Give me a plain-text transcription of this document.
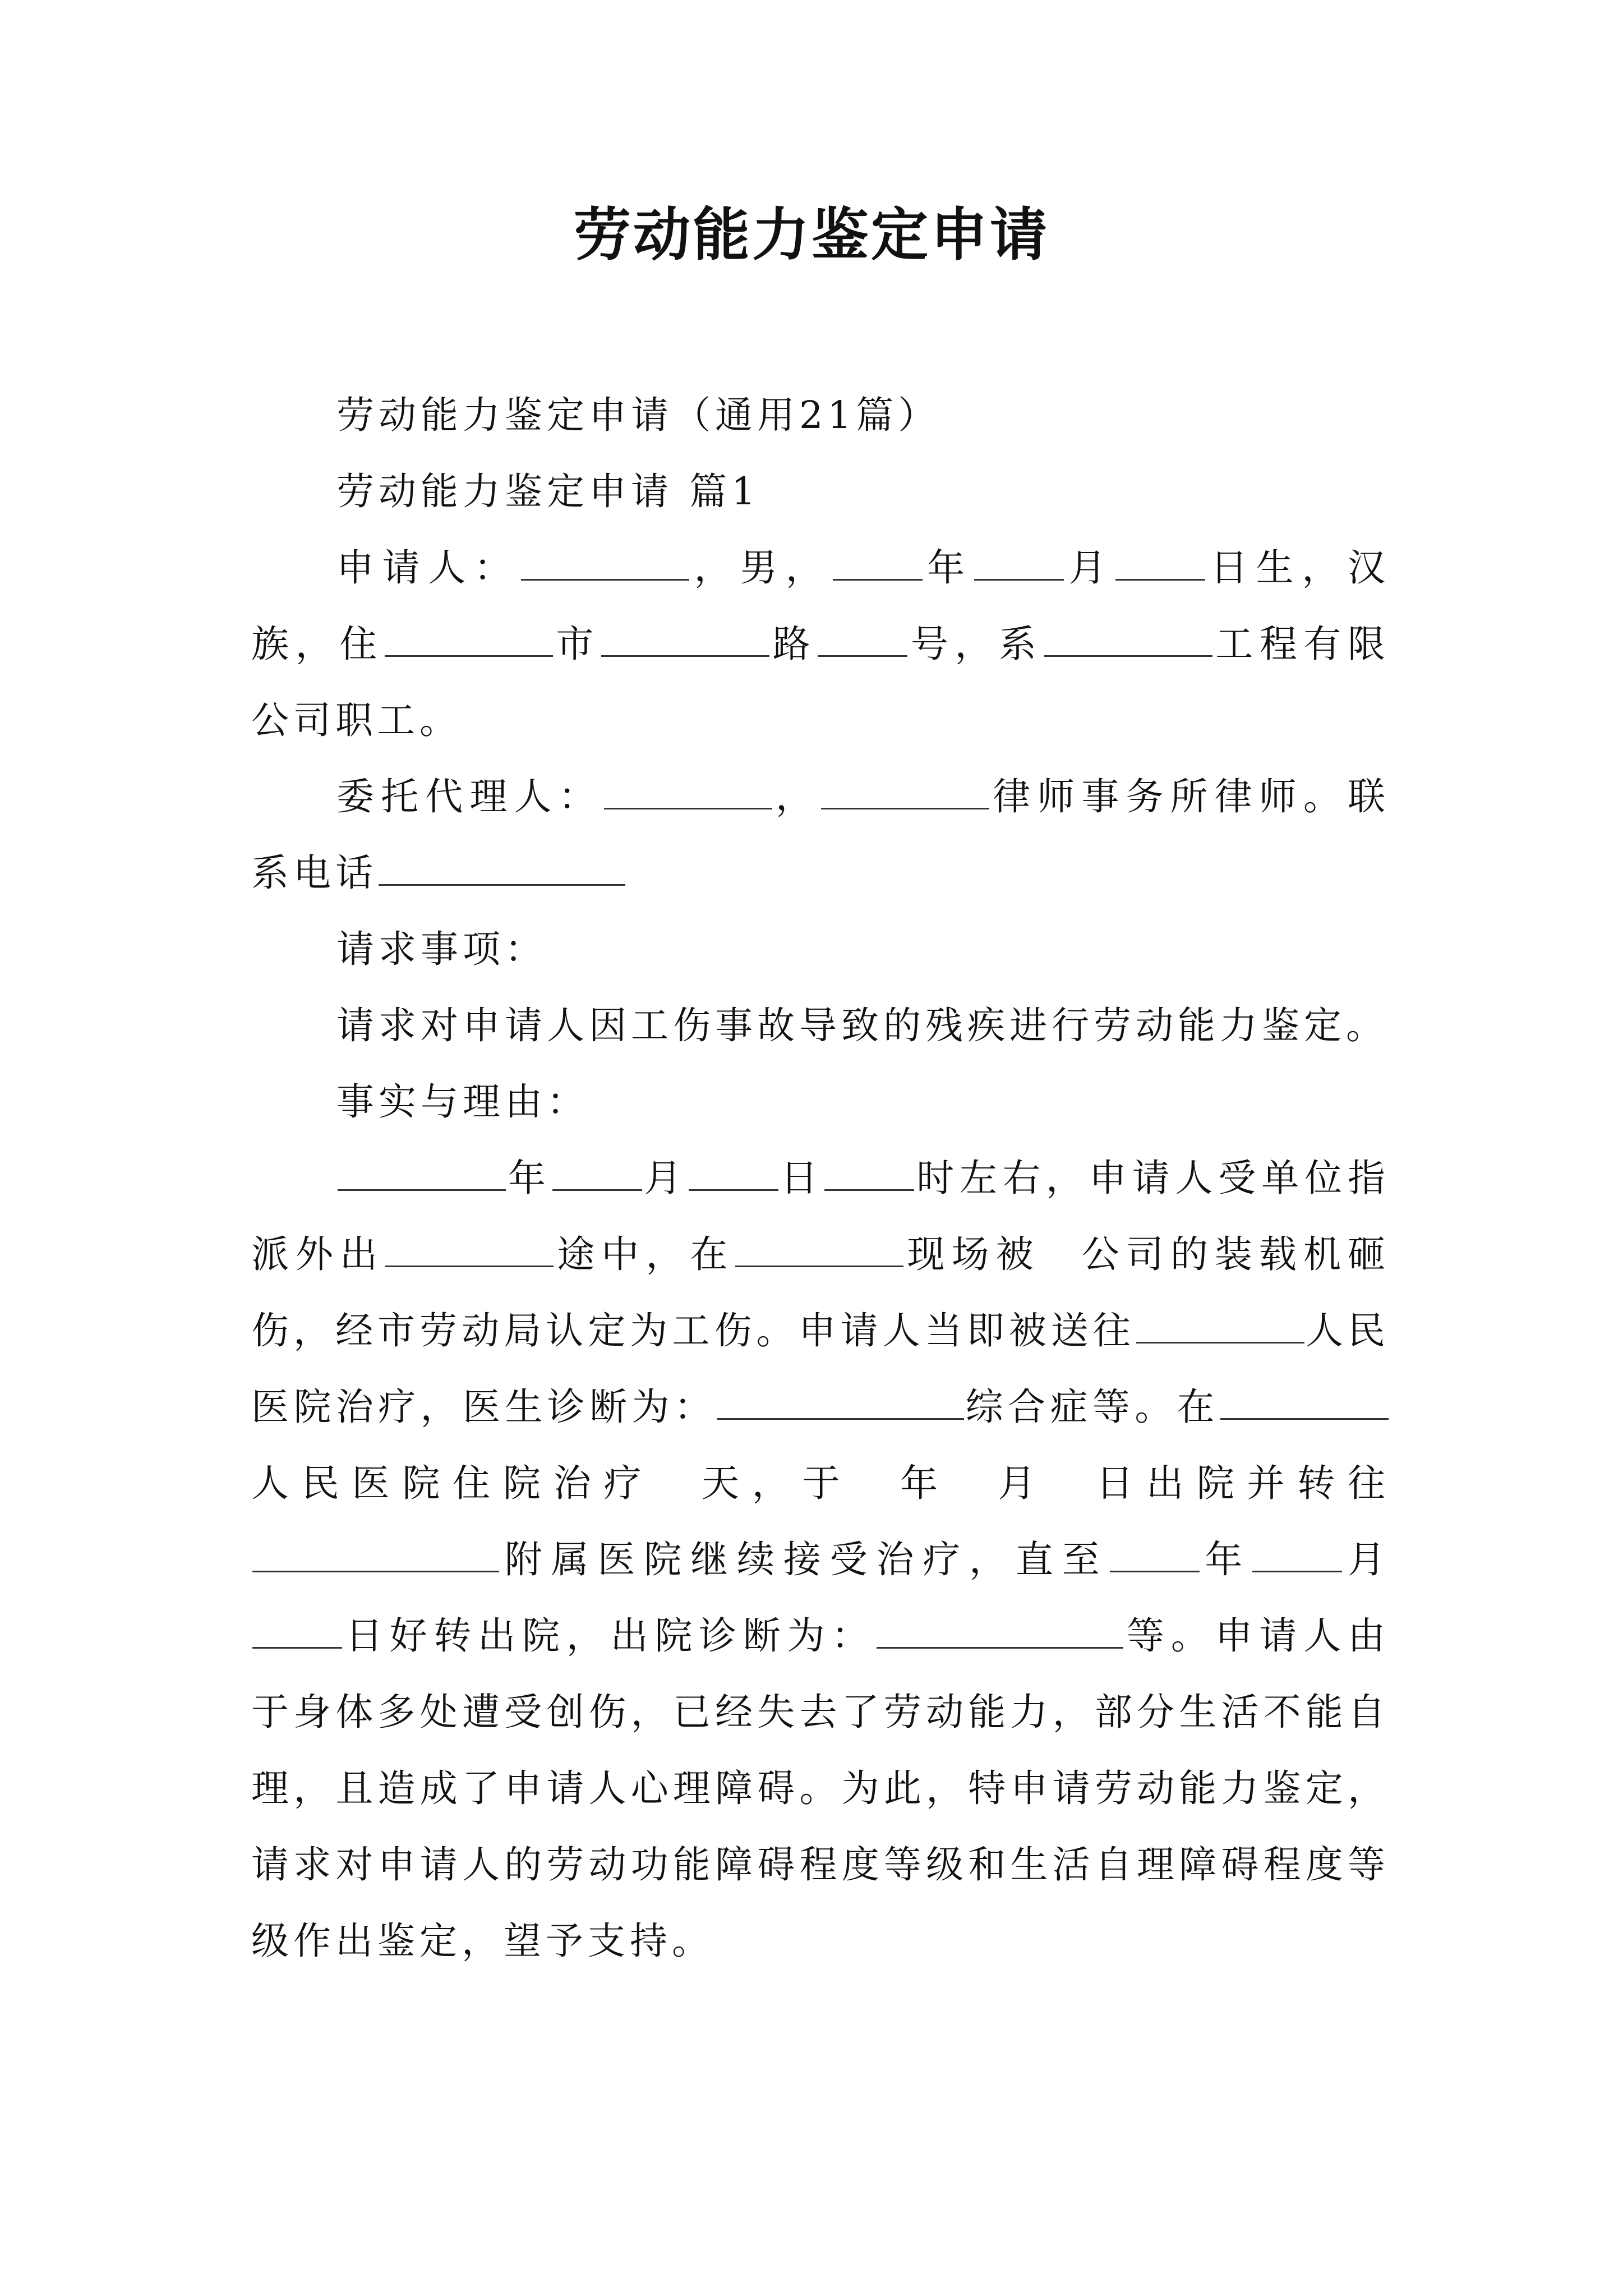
劳动能力鉴定申请

劳动能力鉴定申请（通用21篇）

劳动能力鉴定申请 篇1

申请人：	，男， 年 月 日生，汉族，住	市	路 号，系	工程有限公司职工。

委托代理人：	，	律师事务所律师。联系电话

请求事项：

请求对申请人因工伤事故导致的残疾进行劳动能力鉴定。

事实与理由：

年 月 日 时左右，申请人受单位指派外出	途中，在	现场被 公司的装载机砸伤，经市劳动局认定为工伤。申请人当即被送往	人民医院治疗，医生诊断为：	综合症等。在人民医院住院治疗 天，于 年 月 日出院并转往附属医院继续接受治疗，直至 年 月日好转出院，出院诊断为：	等。申请人由于身体多处遭受创伤，已经失去了劳动能力，部分生活不能自理，且造成了申请人心理障碍。为此，特申请劳动能力鉴定，请求对申请人的劳动功能障碍程度等级和生活自理障碍程度等级作出鉴定，望予支持。
